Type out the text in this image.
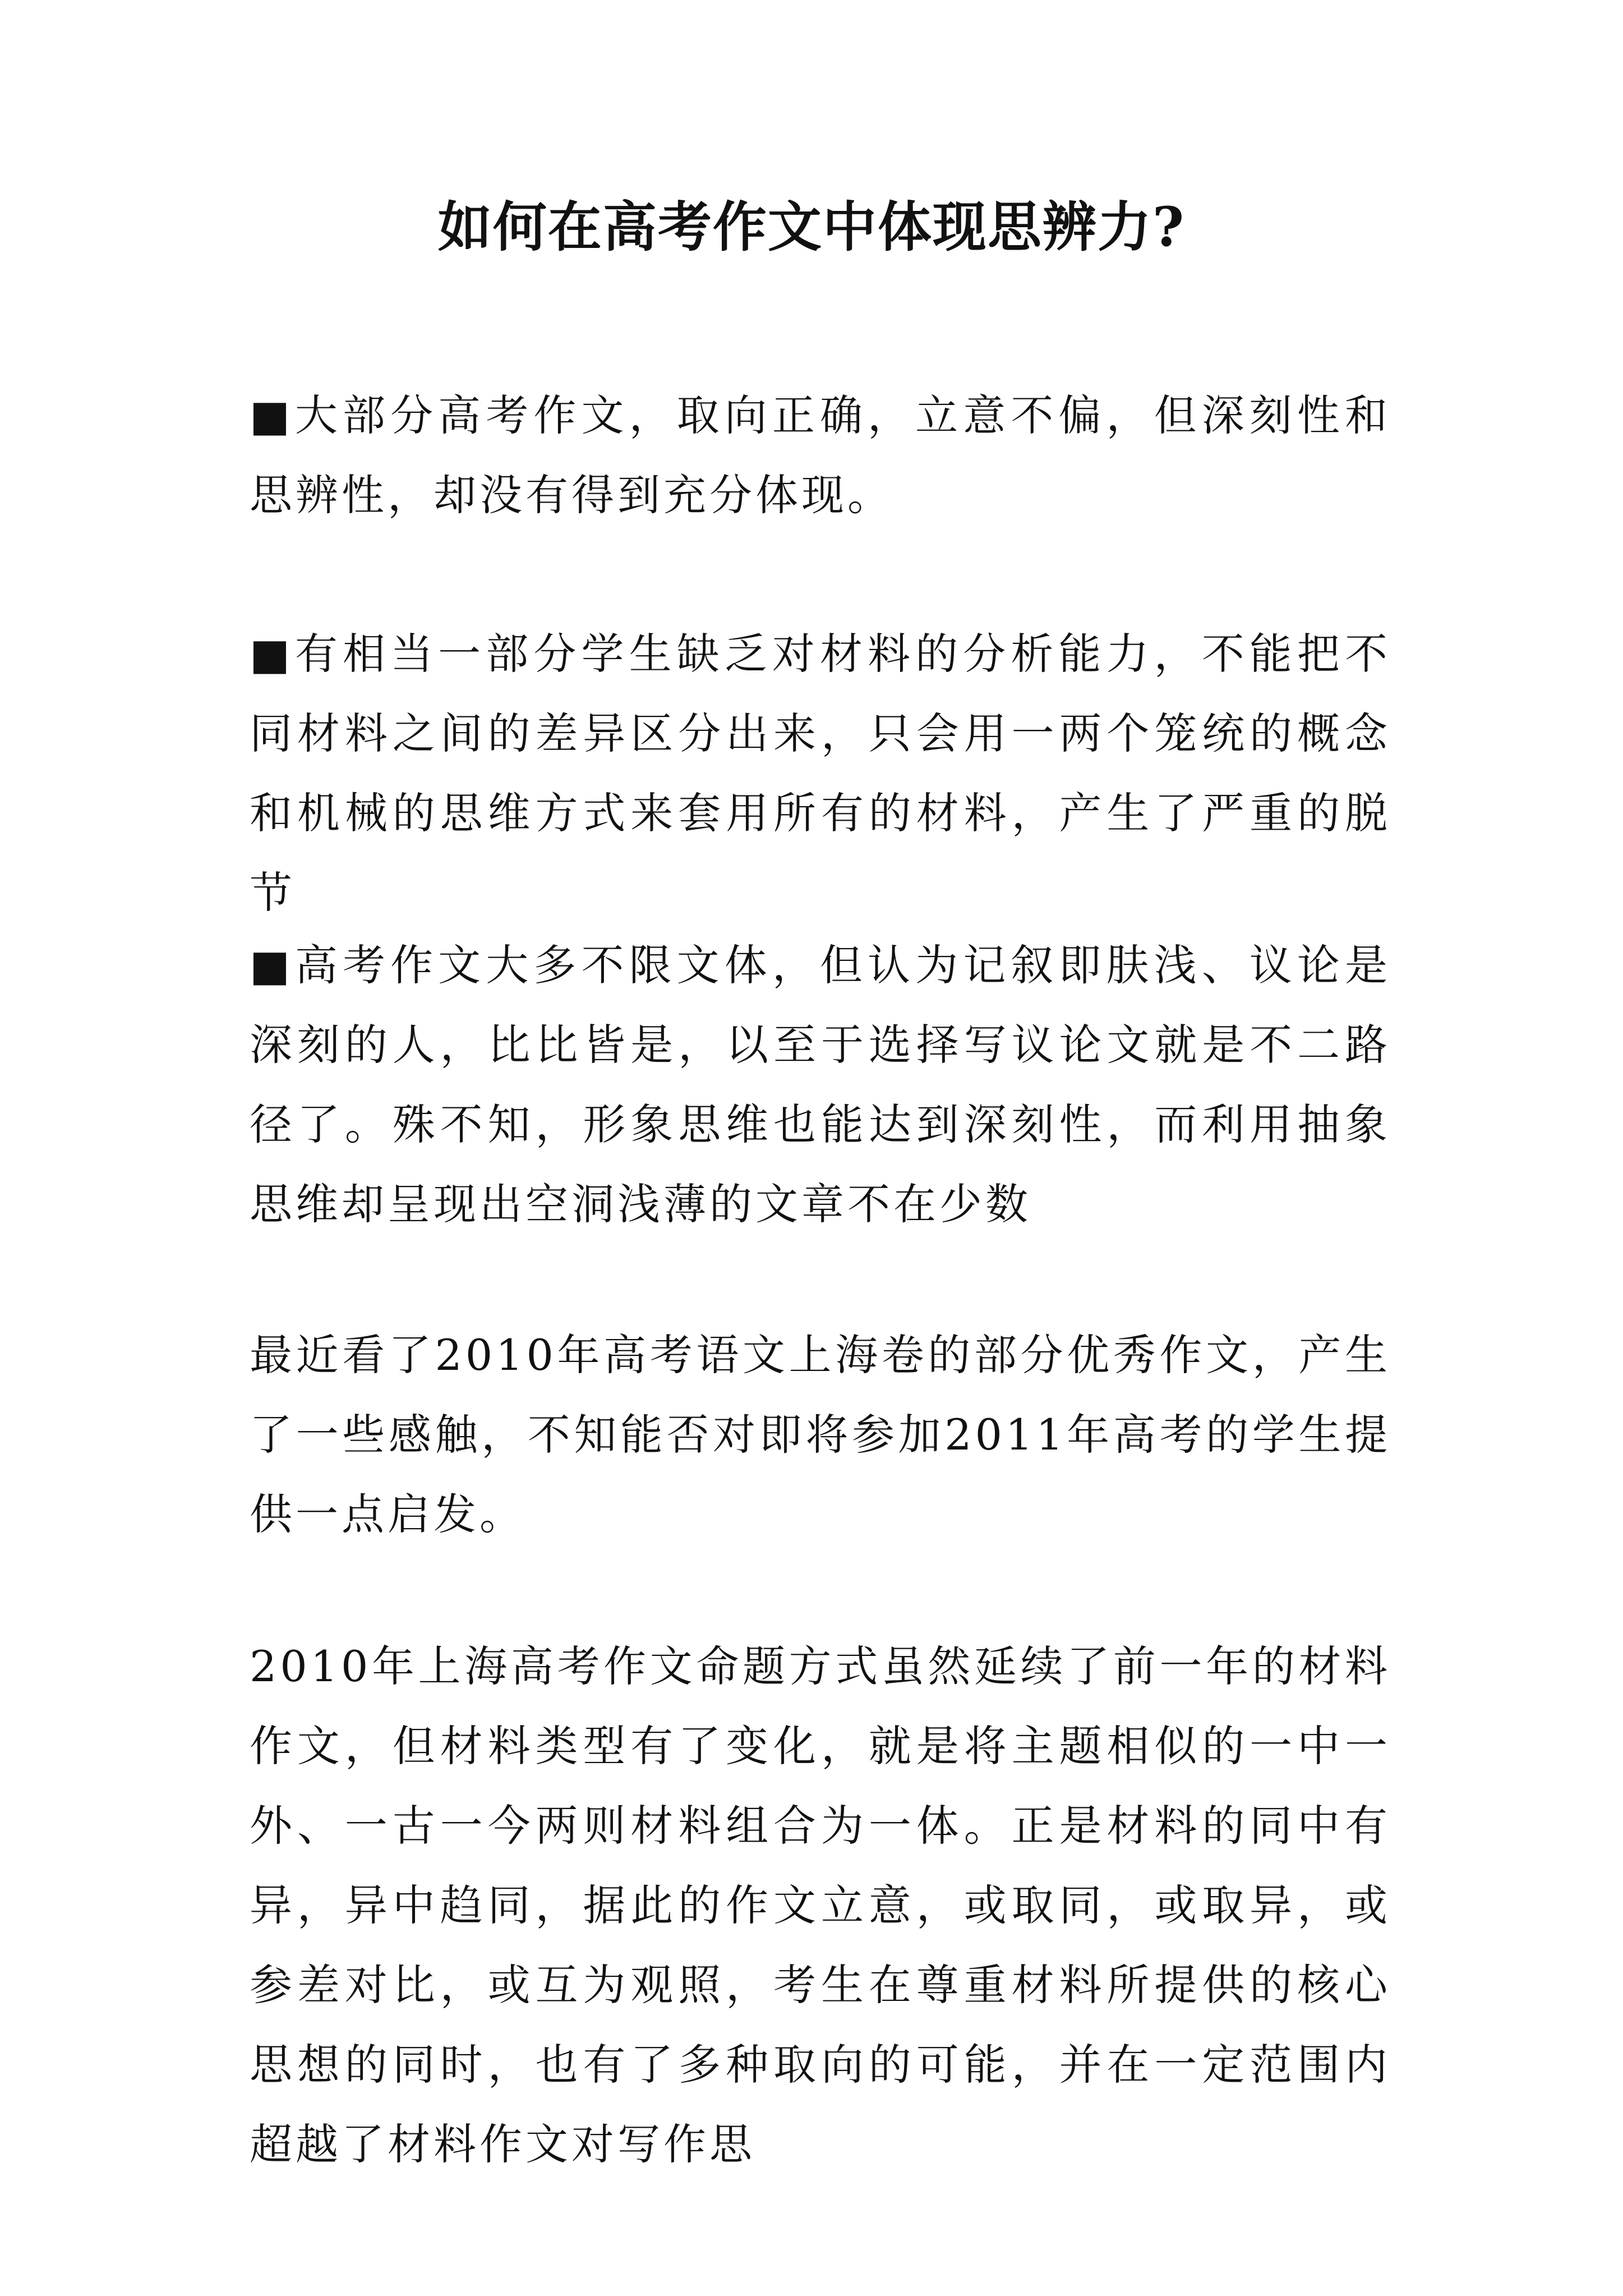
如何在高考作文中体现思辨力?

■大部分高考作文，取向正确，立意不偏，但深刻性和思辨性，却没有得到充分体现。

■有相当一部分学生缺乏对材料的分析能力，不能把不同材料之间的差异区分出来，只会用一两个笼统的概念和机械的思维方式来套用所有的材料，产生了严重的脱节

■高考作文大多不限文体，但认为记叙即肤浅、议论是深刻的人，比比皆是，以至于选择写议论文就是不二路径了。殊不知，形象思维也能达到深刻性，而利用抽象思维却呈现出空洞浅薄的文章不在少数

最近看了2010年高考语文上海卷的部分优秀作文，产生了一些感触，不知能否对即将参加2011年高考的学生提供一点启发。

2010年上海高考作文命题方式虽然延续了前一年的材料作文，但材料类型有了变化，就是将主题相似的一中一外、一古一今两则材料组合为一体。正是材料的同中有异，异中趋同，据此的作文立意，或取同，或取异，或参差对比，或互为观照，考生在尊重材料所提供的核心思想的同时，也有了多种取向的可能，并在一定范围内超越了材料作文对写作思
